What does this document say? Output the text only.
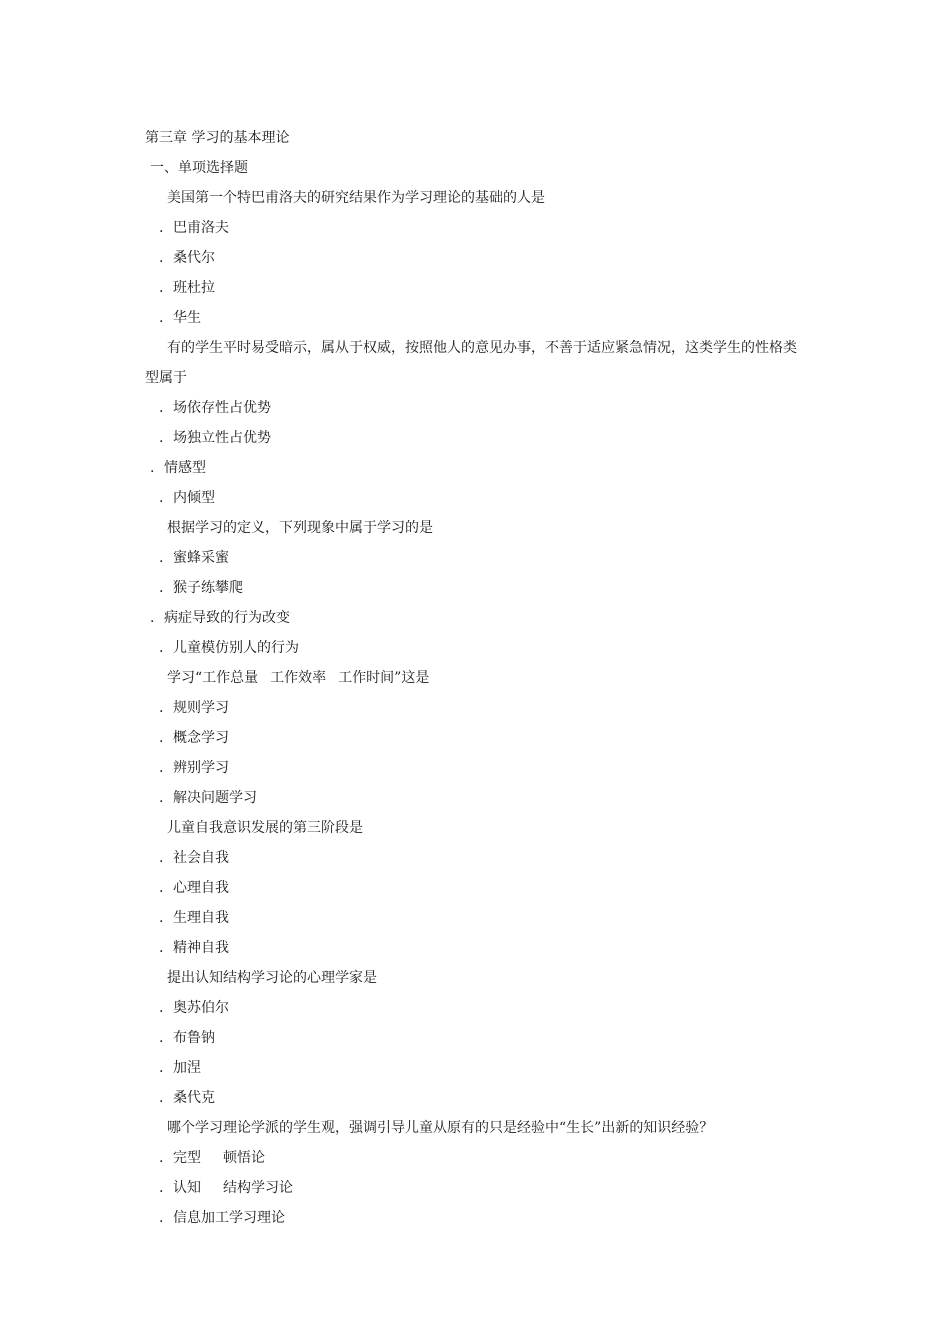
第三章 学习的基本理论
一、单项选择题
美国第一个特巴甫洛夫的研究结果作为学习理论的基础的人是
. 巴甫洛夫
. 桑代尔
. 班杜拉
. 华生
有的学生平时易受暗示，属从于权威，按照他人的意见办事，不善于适应紧急情况，这类学生的性格类
型属于
. 场依存性占优势
. 场独立性占优势
. 情感型
. 内倾型
根据学习的定义，下列现象中属于学习的是
. 蜜蜂采蜜
. 猴子练攀爬
. 病症导致的行为改变
. 儿童模仿别人的行为
学习“工作总量 工作效率 工作时间”这是
. 规则学习
. 概念学习
. 辨别学习
. 解决问题学习
儿童自我意识发展的第三阶段是
. 社会自我
. 心理自我
. 生理自我
. 精神自我
提出认知结构学习论的心理学家是
. 奥苏伯尔
. 布鲁钠
. 加涅
. 桑代克
哪个学习理论学派的学生观，强调引导儿童从原有的只是经验中“生长”出新的知识经验？
. 完型 顿悟论
. 认知 结构学习论
. 信息加工学习理论
